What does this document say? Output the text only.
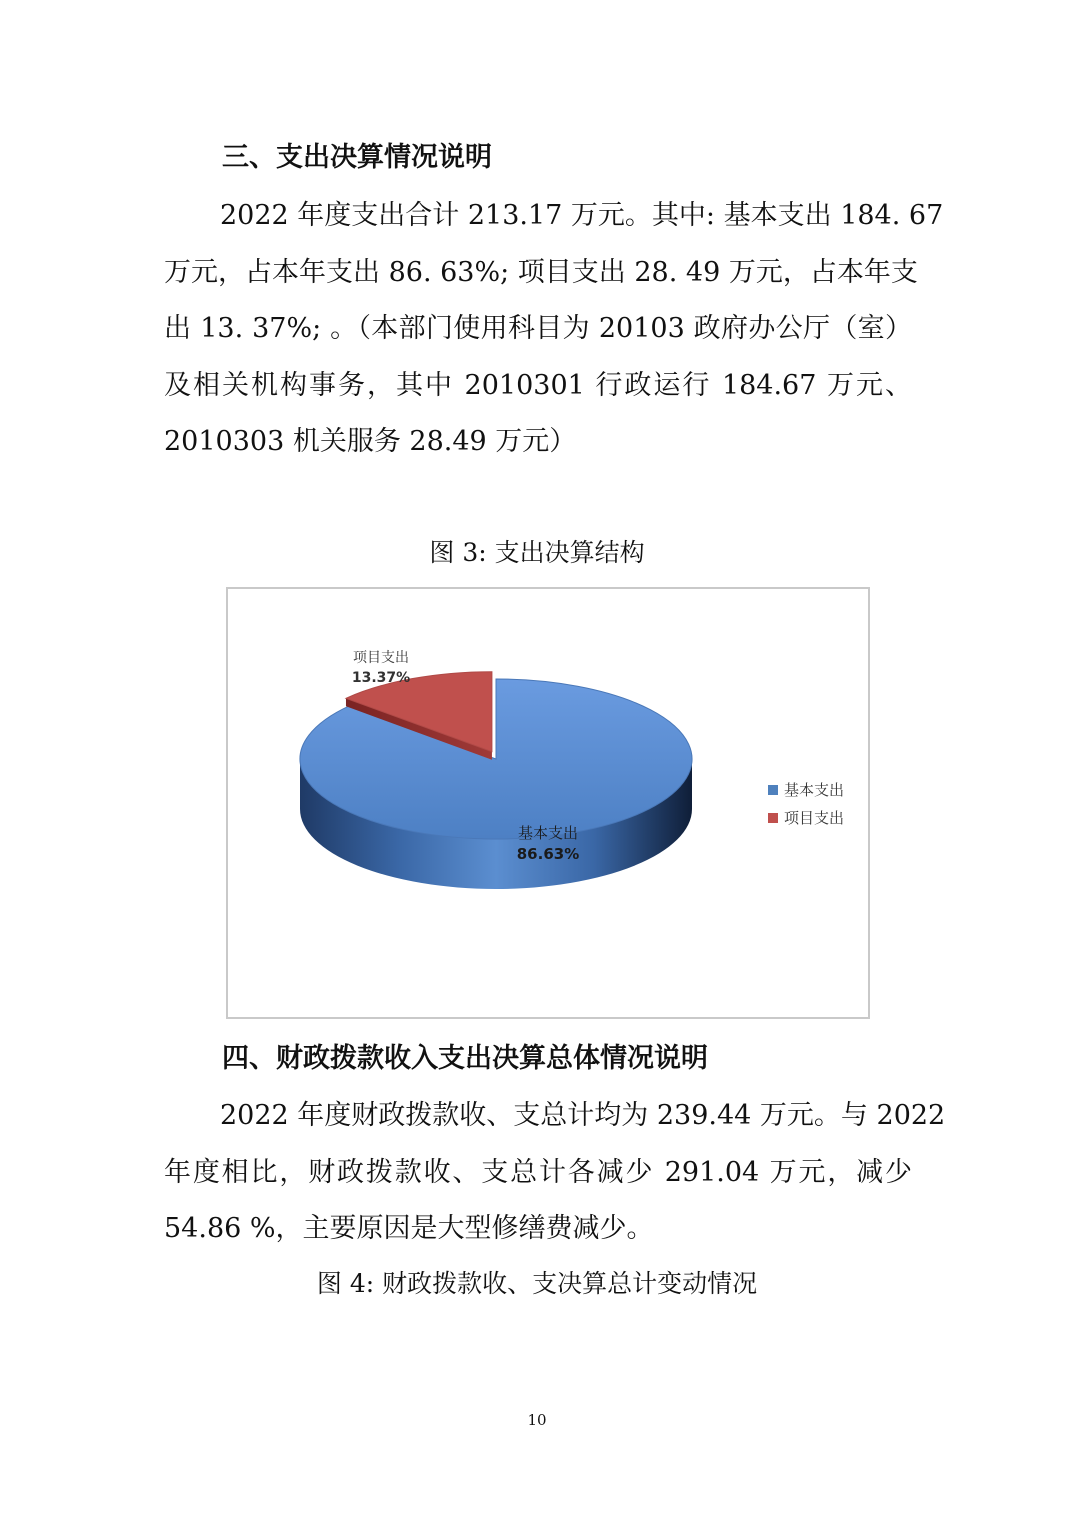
三、支出决算情况说明
2022 年度支出合计 213.17 万元。其中: 基本支出 184. 67
万元，占本年支出 86. 63%; 项目支出 28. 49 万元，占本年支
出 13. 37%; 。（本部门使用科目为 20103 政府办公厅（室）
及相关机构事务，其中 2010301 行政运行 184.67 万元、
2010303 机关服务 28.49 万元）
图 3: 支出决算结构
基本支出
项目支出
项目支出
13.37%
基本支出
86.63%
四、财政拨款收入支出决算总体情况说明
2022 年度财政拨款收、支总计均为 239.44 万元。与 2022
年度相比，财政拨款收、支总计各减少 291.04 万元，减少
54.86 %，主要原因是大型修缮费减少。
图 4: 财政拨款收、支决算总计变动情况
10
